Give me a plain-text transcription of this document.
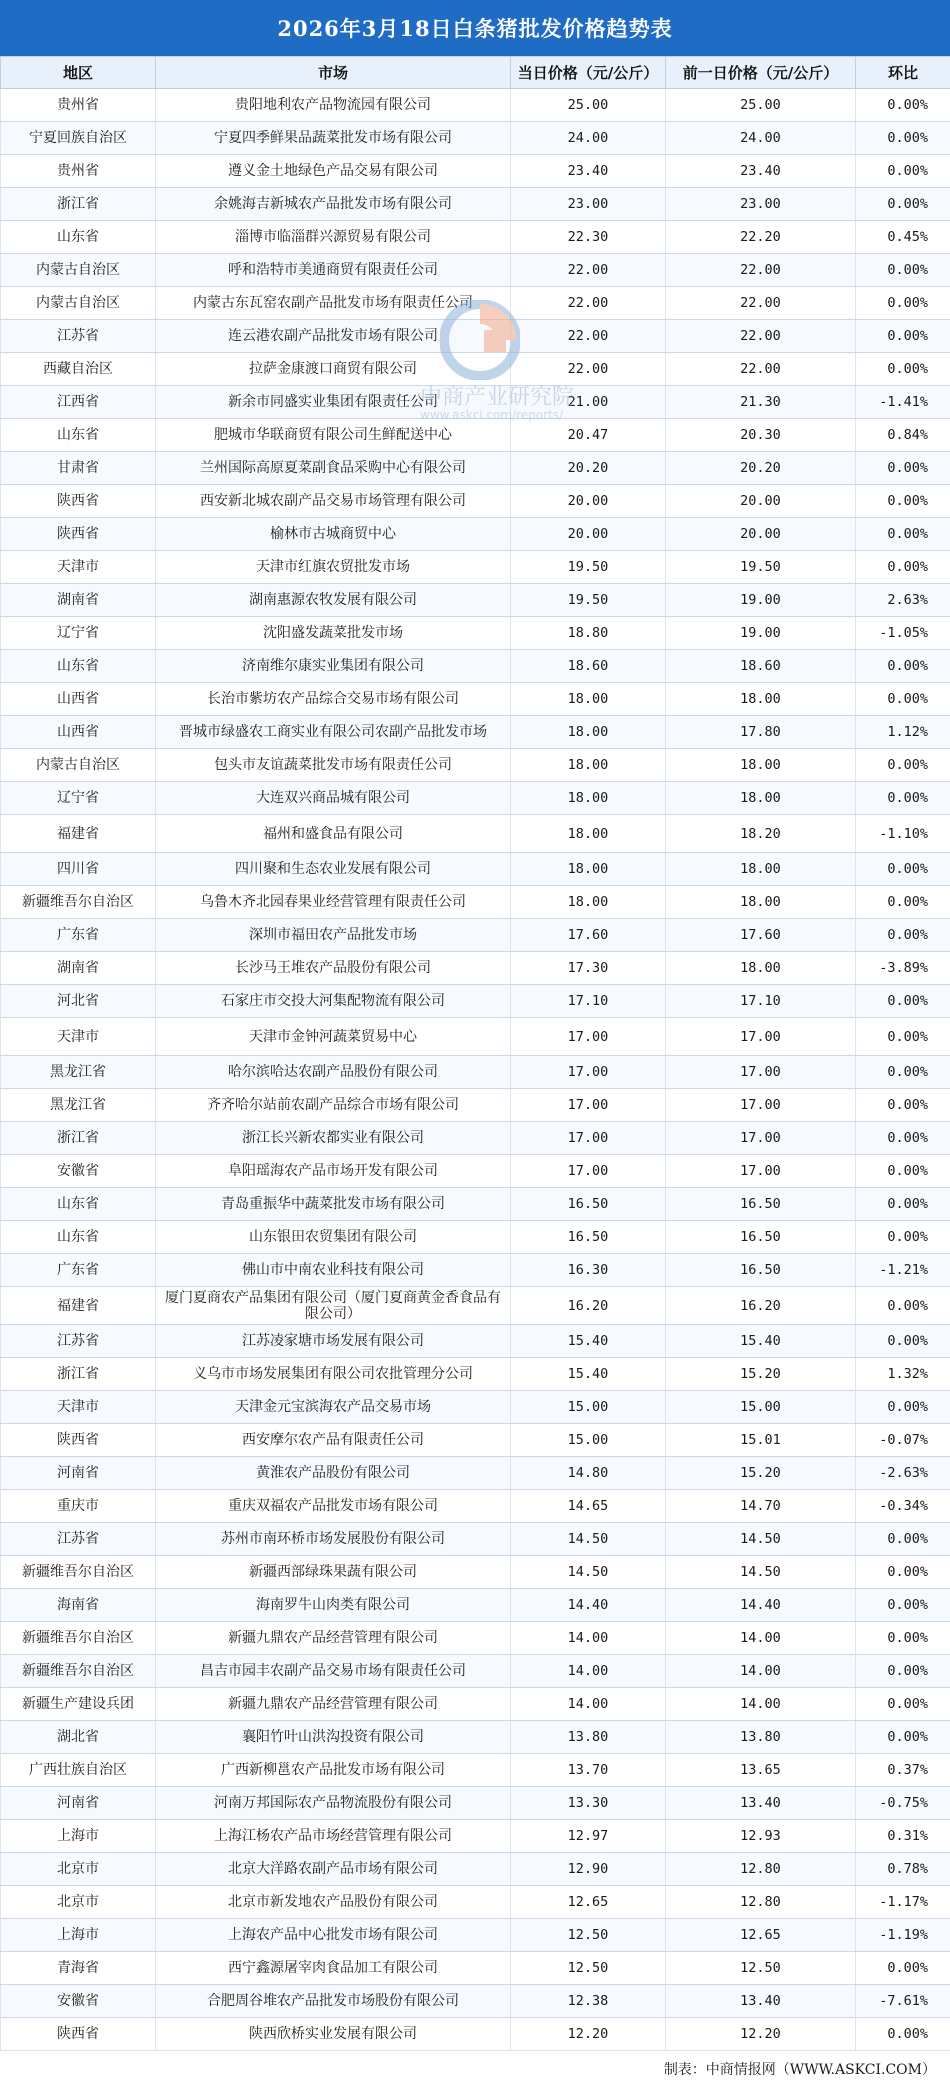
2026年3月18日白条猪批发价格趋势表
地区	市场	当日价格（元/公斤）	前一日价格（元/公斤）	环比
贵州省	贵阳地利农产品物流园有限公司	25.00	25.00	0.00%
宁夏回族自治区	宁夏四季鲜果品蔬菜批发市场有限公司	24.00	24.00	0.00%
贵州省	遵义金土地绿色产品交易有限公司	23.40	23.40	0.00%
浙江省	余姚海吉新城农产品批发市场有限公司	23.00	23.00	0.00%
山东省	淄博市临淄群兴源贸易有限公司	22.30	22.20	0.45%
内蒙古自治区	呼和浩特市美通商贸有限责任公司	22.00	22.00	0.00%
内蒙古自治区	内蒙古东瓦窑农副产品批发市场有限责任公司	22.00	22.00	0.00%
江苏省	连云港农副产品批发市场有限公司	22.00	22.00	0.00%
西藏自治区	拉萨金康渡口商贸有限公司	22.00	22.00	0.00%
江西省	新余市同盛实业集团有限责任公司	21.00	21.30	-1.41%
山东省	肥城市华联商贸有限公司生鲜配送中心	20.47	20.30	0.84%
甘肃省	兰州国际高原夏菜副食品采购中心有限公司	20.20	20.20	0.00%
陕西省	西安新北城农副产品交易市场管理有限公司	20.00	20.00	0.00%
陕西省	榆林市古城商贸中心	20.00	20.00	0.00%
天津市	天津市红旗农贸批发市场	19.50	19.50	0.00%
湖南省	湖南惠源农牧发展有限公司	19.50	19.00	2.63%
辽宁省	沈阳盛发蔬菜批发市场	18.80	19.00	-1.05%
山东省	济南维尔康实业集团有限公司	18.60	18.60	0.00%
山西省	长治市紫坊农产品综合交易市场有限公司	18.00	18.00	0.00%
山西省	晋城市绿盛农工商实业有限公司农副产品批发市场	18.00	17.80	1.12%
内蒙古自治区	包头市友谊蔬菜批发市场有限责任公司	18.00	18.00	0.00%
辽宁省	大连双兴商品城有限公司	18.00	18.00	0.00%
福建省	福州和盛食品有限公司	18.00	18.20	-1.10%
四川省	四川聚和生态农业发展有限公司	18.00	18.00	0.00%
新疆维吾尔自治区	乌鲁木齐北园春果业经营管理有限责任公司	18.00	18.00	0.00%
广东省	深圳市福田农产品批发市场	17.60	17.60	0.00%
湖南省	长沙马王堆农产品股份有限公司	17.30	18.00	-3.89%
河北省	石家庄市交投大河集配物流有限公司	17.10	17.10	0.00%
天津市	天津市金钟河蔬菜贸易中心	17.00	17.00	0.00%
黑龙江省	哈尔滨哈达农副产品股份有限公司	17.00	17.00	0.00%
黑龙江省	齐齐哈尔站前农副产品综合市场有限公司	17.00	17.00	0.00%
浙江省	浙江长兴新农都实业有限公司	17.00	17.00	0.00%
安徽省	阜阳瑶海农产品市场开发有限公司	17.00	17.00	0.00%
山东省	青岛重振华中蔬菜批发市场有限公司	16.50	16.50	0.00%
山东省	山东银田农贸集团有限公司	16.50	16.50	0.00%
广东省	佛山市中南农业科技有限公司	16.30	16.50	-1.21%
福建省	厦门夏商农产品集团有限公司（厦门夏商黄金香食品有限公司）	16.20	16.20	0.00%
江苏省	江苏凌家塘市场发展有限公司	15.40	15.40	0.00%
浙江省	义乌市市场发展集团有限公司农批管理分公司	15.40	15.20	1.32%
天津市	天津金元宝滨海农产品交易市场	15.00	15.00	0.00%
陕西省	西安摩尔农产品有限责任公司	15.00	15.01	-0.07%
河南省	黄淮农产品股份有限公司	14.80	15.20	-2.63%
重庆市	重庆双福农产品批发市场有限公司	14.65	14.70	-0.34%
江苏省	苏州市南环桥市场发展股份有限公司	14.50	14.50	0.00%
新疆维吾尔自治区	新疆西部绿珠果蔬有限公司	14.50	14.50	0.00%
海南省	海南罗牛山肉类有限公司	14.40	14.40	0.00%
新疆维吾尔自治区	新疆九鼎农产品经营管理有限公司	14.00	14.00	0.00%
新疆维吾尔自治区	昌吉市园丰农副产品交易市场有限责任公司	14.00	14.00	0.00%
新疆生产建设兵团	新疆九鼎农产品经营管理有限公司	14.00	14.00	0.00%
湖北省	襄阳竹叶山洪沟投资有限公司	13.80	13.80	0.00%
广西壮族自治区	广西新柳邕农产品批发市场有限公司	13.70	13.65	0.37%
河南省	河南万邦国际农产品物流股份有限公司	13.30	13.40	-0.75%
上海市	上海江杨农产品市场经营管理有限公司	12.97	12.93	0.31%
北京市	北京大洋路农副产品市场有限公司	12.90	12.80	0.78%
北京市	北京市新发地农产品股份有限公司	12.65	12.80	-1.17%
上海市	上海农产品中心批发市场有限公司	12.50	12.65	-1.19%
青海省	西宁鑫源屠宰肉食品加工有限公司	12.50	12.50	0.00%
安徽省	合肥周谷堆农产品批发市场股份有限公司	12.38	13.40	-7.61%
陕西省	陕西欣桥实业发展有限公司	12.20	12.20	0.00%
中商产业研究院
www.askci.com/reports/
制表：中商情报网（WWW.ASKCI.COM）
